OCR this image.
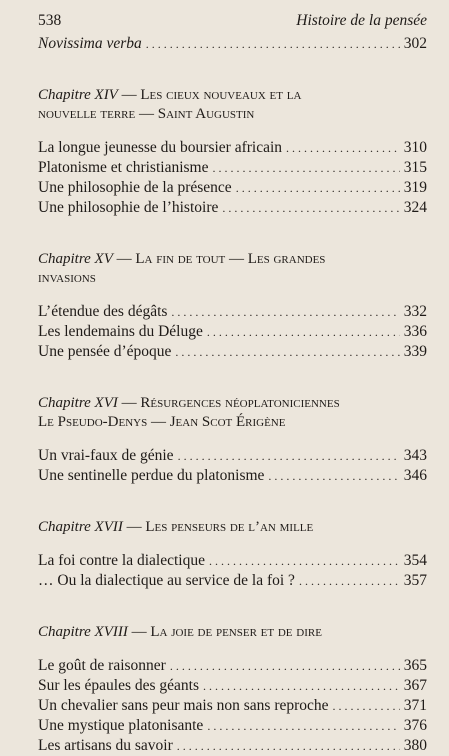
538	Histoire de la pensée
Novissima verba . . .	302
Chapitre XIV — Les cieux nouveaux et la
nouvelle terre — Saint Augustin
La longue jeunesse du boursier africain . . .	310
Platonisme et christianisme . . .	315
Une philosophie de la présence . . .	319
Une philosophie de l’histoire . . .	324
Chapitre XV — La fin de tout — Les grandes
invasions
L’étendue des dégâts . . .	332
Les lendemains du Déluge . . .	336
Une pensée d’époque . . .	339
Chapitre XVI — Résurgences néoplatoniciennes
Le Pseudo-Denys — Jean Scot Érigène
Un vrai-faux de génie . . .	343
Une sentinelle perdue du platonisme . . .	346
Chapitre XVII — Les penseurs de l’an mille
La foi contre la dialectique . . .	354
… Ou la dialectique au service de la foi ? . . .	357
Chapitre XVIII — La joie de penser et de dire
Le goût de raisonner . . .	365
Sur les épaules des géants . . .	367
Un chevalier sans peur mais non sans reproche . . .	371
Une mystique platonisante . . .	376
Les artisans du savoir . . .	380
